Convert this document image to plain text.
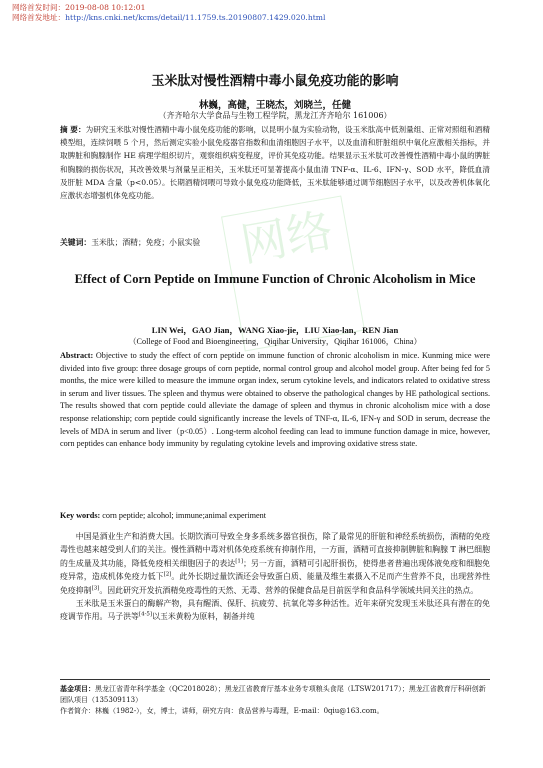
网络首发时间：2019-08-08 10:12:01
网络首发地址：http://kns.cnki.net/kcms/detail/11.1759.ts.20190807.1429.020.html
网络
玉米肽对慢性酒精中毒小鼠免疫功能的影响
林巍，高健，王晓杰，刘晓兰，任健
（齐齐哈尔大学食品与生物工程学院，黑龙江齐齐哈尔 161006）
摘 要：为研究玉米肽对慢性酒精中毒小鼠免疫功能的影响，以昆明小鼠为实验动物，设玉米肽高中低剂量组、正常对照组和酒精模型组，连续饲喂 5 个月，然后测定实验小鼠免疫器官指数和血清细胞因子水平，以及血清和肝脏组织中氧化应激相关指标，并取脾脏和胸腺制作 HE 病理学组织切片，观察组织病变程度，评价其免疫功能。结果显示玉米肽可改善慢性酒精中毒小鼠的脾脏和胸腺的损伤状况，其改善效果与剂量呈正相关，玉米肽还可显著提高小鼠血清 TNF-α、IL-6、IFN-γ、SOD 水平，降低血清及肝脏 MDA 含量（p<0.05）。长期酒精饲喂可导致小鼠免疫功能降低，玉米肽能够通过调节细胞因子水平，以及改善机体氧化应激状态增强机体免疫功能。
关键词：玉米肽；酒精；免疫；小鼠实验
Effect of Corn Peptide on Immune Function of Chronic Alcoholism in Mice
LIN Wei，GAO Jian，WANG Xiao-jie，LIU Xiao-lan，REN Jian
（College of Food and Bioengineering，Qiqihar University，Qiqihar 161006，China）
Abstract: Objective to study the effect of corn peptide on immune function of chronic alcoholism in mice. Kunming mice were divided into five group: three dosage groups of corn peptide, normal control group and alcohol model group. After being fed for 5 months, the mice were killed to measure the immune organ index, serum cytokine levels, and indicators related to oxidative stress in serum and liver tissues. The spleen and thymus were obtained to observe the pathological changes by HE pathological sections. The results showed that corn peptide could alleviate the damage of spleen and thymus in chronic alcoholism mice with a dose response relationship; corn peptide could significantly increase the levels of TNF-α, IL-6, IFN-γ and SOD in serum, decrease the levels of MDA in serum and liver（p<0.05）. Long-term alcohol feeding can lead to immune function damage in mice, however, corn peptides can enhance body immunity by regulating cytokine levels and improving oxidative stress state.
Key words: corn peptide; alcohol; immune;animal experiment

中国是酒业生产和消费大国。长期饮酒可导致全身多系统多器官损伤，除了最常见的肝脏和神经系统损伤，酒精的免疫毒性也越来越受到人们的关注。慢性酒精中毒对机体免疫系统有抑制作用，一方面，酒精可直接抑制脾脏和胸腺 T 淋巴细胞的生成量及其功能，降低免疫相关细胞因子的表达[1]；另一方面，酒精可引起肝损伤，使得患者普遍出现体液免疫和细胞免疫异常，造成机体免疫力低下[2]。此外长期过量饮酒还会导致蛋白质、能量及维生素摄入不足而产生营养不良，出现营养性免疫抑制[3]。因此研究开发抗酒精免疫毒性的天然、无毒、营养的保健食品是目前医学和食品科学领域共同关注的热点。

玉米肽是玉米蛋白的酶解产物，具有醒酒、保肝、抗疲劳、抗氧化等多种活性。近年来研究发现玉米肽还具有潜在的免疫调节作用。马子洪等[4-5]以玉米黄粉为原料，制备并纯

基金项目：黑龙江省青年科学基金（QC2018028）；黑龙江省教育厅基本业务专项粮头食尾（LTSW201717）；黑龙江省教育厅科研创新团队项目（135309113）
作者简介：林巍（1982-），女，博士，讲师，研究方向：食品营养与毒理，E-mail：0qiu@163.com。
